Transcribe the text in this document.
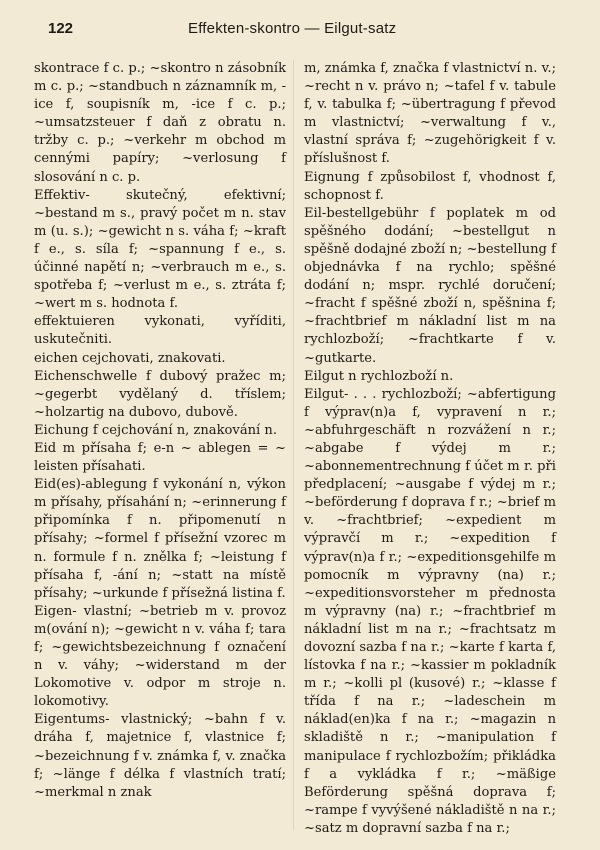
122	Effekten-skontro — Eilgut-satz

skontrace f c. p.; ~skontro n zásobník m c. p.; ~standbuch n záznamník m, -ice f, soupisník m, -ice f c. p.; ~umsatzsteuer f daň z obratu n. tržby c. p.; ~verkehr m obchod m cennými papíry; ~verlosung f slosování n c. p.

Effektiv- skutečný, efektivní; ~bestand m s., pravý počet m n. stav m (u. s.); ~gewicht n s. váha f; ~kraft f e., s. síla f; ~spannung f e., s. účinné napětí n; ~verbrauch m e., s. spotřeba f; ~verlust m e., s. ztráta f; ~wert m s. hodnota f.

effektuieren vykonati, vyříditi, uskutečniti.

eichen cejchovati, znakovati.

Eichenschwelle f dubový pražec m; ~gegerbt vydělaný d. tříslem; ~holzartig na dubovo, dubově.

Eichung f cejchování n, znakování n.

Eid m přísaha f; e-n ~ ablegen = ~ leisten přísahati.

Eid(es)-ablegung f vykonání n, výkon m přísahy, přísahání n; ~erinnerung f připomínka f n. připomenutí n přísahy; ~formel f přísežní vzorec m n. formule f n. znělka f; ~leistung f přísaha f, -ání n; ~statt na místě přísahy; ~urkunde f přísežná listina f.

Eigen- vlastní; ~betrieb m v. provoz m(ování n); ~gewicht n v. váha f; tara f; ~gewichtsbezeichnung f označení n v. váhy; ~widerstand m der Lokomotive v. odpor m stroje n. lokomotivy.

Eigentums- vlastnický; ~bahn f v. dráha f, majetnice f, vlastnice f; ~bezeichnung f v. známka f, v. značka f; ~länge f délka f vlastních tratí; ~merkmal n znak

m, známka f, značka f vlastnictví n. v.; ~recht n v. právo n; ~tafel f v. tabule f, v. tabulka f; ~übertragung f převod m vlastnictví; ~verwaltung f v., vlastní správa f; ~zugehörigkeit f v. příslušnost f.

Eignung f způsobilost f, vhodnost f, schopnost f.

Eil-bestellgebühr f poplatek m od spěšného dodání; ~bestellgut n spěšně dodajné zboží n; ~bestellung f objednávka f na rychlo; spěšné dodání n; mspr. rychlé doručení; ~fracht f spěšné zboží n, spěšnina f; ~frachtbrief m nákladní list m na rychlozboží; ~frachtkarte f v. ~gutkarte.

Eilgut n rychlozboží n.

Eilgut- . . . rychlozboží; ~abfertigung f výprav(n)a f, vypravení n r.; ~abfuhrgeschäft n rozvážení n r.; ~abgabe f výdej m r.; ~abonnementrechnung f účet m r. při předplacení; ~ausgabe f výdej m r.; ~beförderung f doprava f r.; ~brief m v. ~frachtbrief; ~expedient m výpravčí m r.; ~expedition f výprav(n)a f r.; ~expeditionsgehilfe m pomocník m výpravny (na) r.; ~expeditionsvorsteher m přednosta m výpravny (na) r.; ~frachtbrief m nákladní list m na r.; ~frachtsatz m dovozní sazba f na r.; ~karte f karta f, lístovka f na r.; ~kassier m pokladník m r.; ~kolli pl (kusové) r.; ~klasse f třída f na r.; ~ladeschein m náklad(en)ka f na r.; ~magazin n skladiště n r.; ~manipulation f manipulace f rychlozbožím; přikládka f a vykládka f r.; ~mäßige Beförderung spěšná doprava f; ~rampe f vyvýšené nákladiště n na r.; ~satz m dopravní sazba f na r.;
